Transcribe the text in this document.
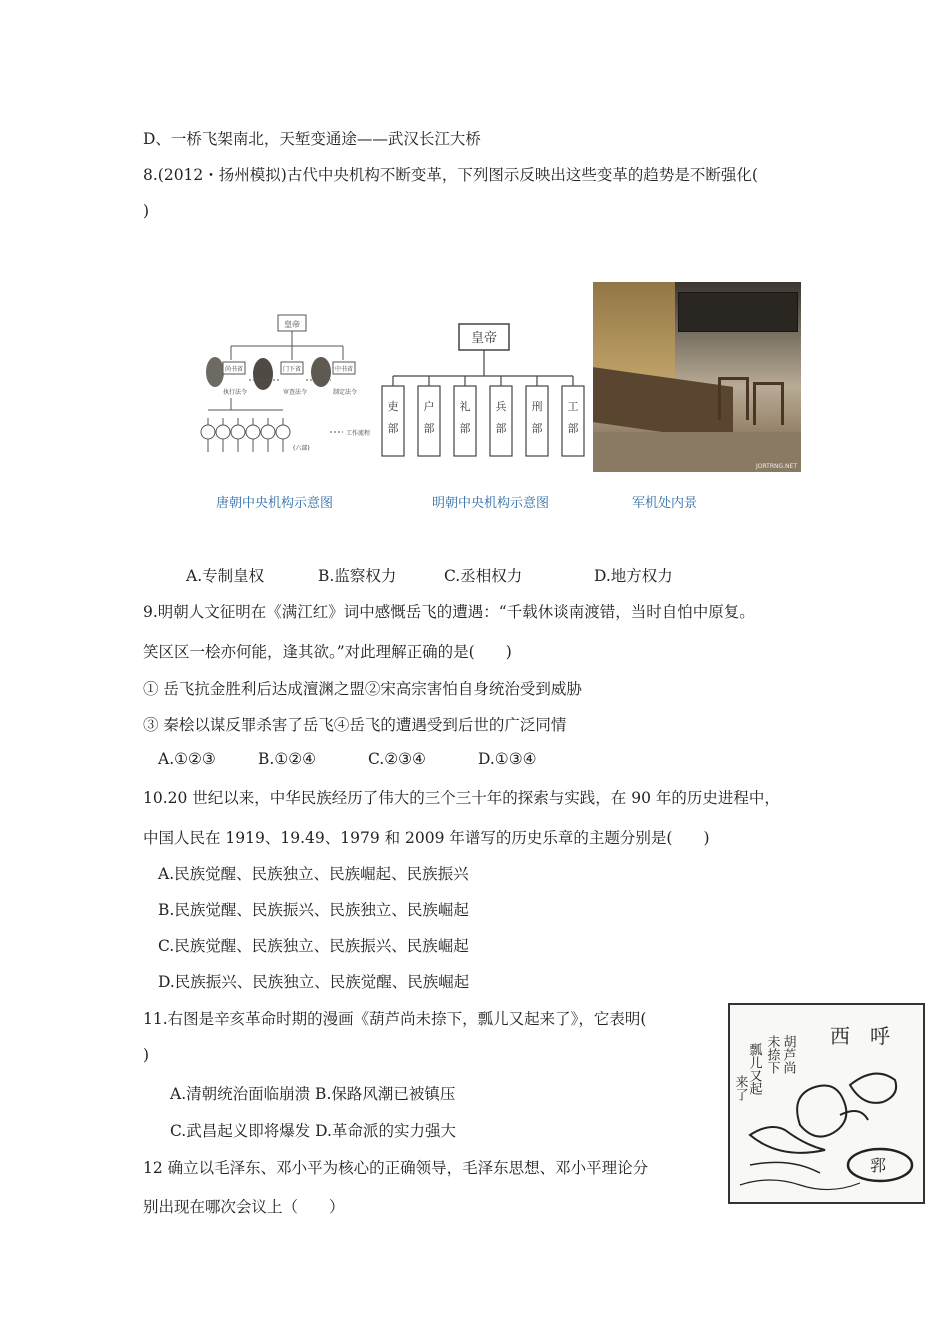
D、一桥飞架南北，天堑变通途——武汉长江大桥
8.(2012・扬州模拟)古代中央机构不断变革，下列图示反映出这些变革的趋势是不断强化(
)
皇帝
尚书省	门下省	中书省
执行法令	审查法令	制定法令
(六部)
工作流程
唐朝中央机构示意图
皇帝
吏
部
户
部
礼
部
兵
部
刑
部
工
部
明朝中央机构示意图
JORTRNG.NET
军机处内景
A.专制皇权	B.监察权力	C.丞相权力	D.地方权力
9.明朝人文征明在《满江红》词中感慨岳飞的遭遇：“千载休谈南渡错，当时自怕中原复。
笑区区一桧亦何能，逢其欲。”对此理解正确的是(　　)
① 岳飞抗金胜利后达成澶渊之盟②宋高宗害怕自身统治受到威胁
③ 秦桧以谋反罪杀害了岳飞④岳飞的遭遇受到后世的广泛同情
A.①②③	B.①②④	C.②③④	D.①③④
10.20 世纪以来，中华民族经历了伟大的三个三十年的探索与实践，在 90 年的历史进程中，
中国人民在 1919、19.49、1979 和 2009 年谱写的历史乐章的主题分别是(　　)
A.民族觉醒、民族独立、民族崛起、民族振兴
B.民族觉醒、民族振兴、民族独立、民族崛起
C.民族觉醒、民族独立、民族振兴、民族崛起
D.民族振兴、民族独立、民族觉醒、民族崛起
11.右图是辛亥革命时期的漫画《葫芦尚未捺下，瓢儿又起来了》，它表明(
)
A.清朝统治面临崩溃 B.保路风潮已被镇压
C.武昌起义即将爆发 D.革命派的实力强大
12 确立以毛泽东、邓小平为核心的正确领导，毛泽东思想、邓小平理论分
别出现在哪次会议上（　　）
西　呼
胡芦尚
未捺下
瓢儿又起
来了
郛
